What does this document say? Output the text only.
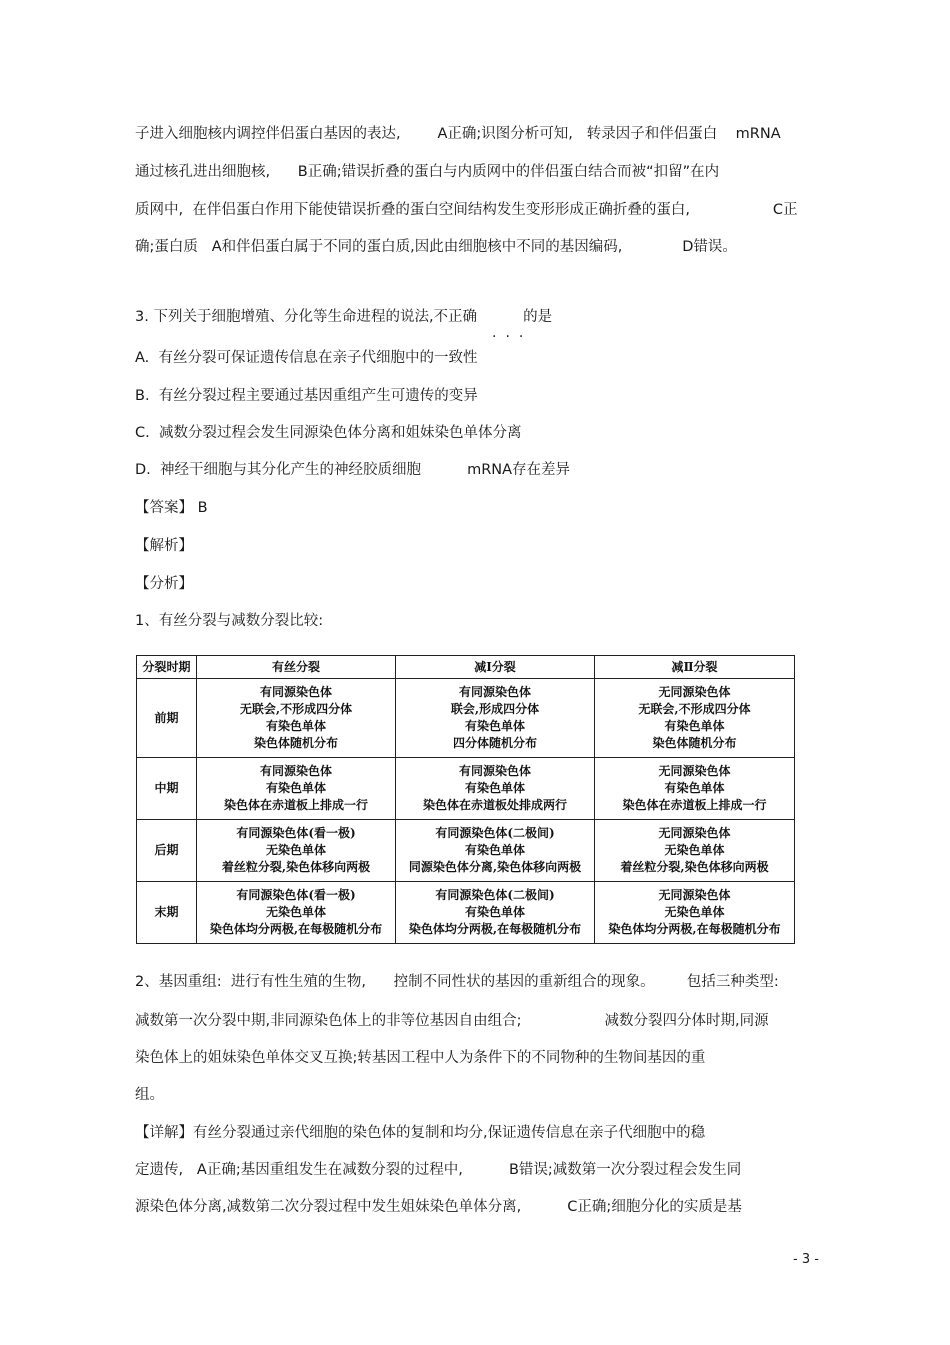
子进入细胞核内调控伴侣蛋白基因的表达,        A正确;识图分析可知,   转录因子和伴侣蛋白    mRNA
通过核孔进出细胞核,      B正确;错误折叠的蛋白与内质网中的伴侣蛋白结合而被“扣留”在内
质网中,  在伴侣蛋白作用下能使错误折叠的蛋白空间结构发生变形形成正确折叠的蛋白,                  C正
确;蛋白质   A和伴侣蛋白属于不同的蛋白质,因此由细胞核中不同的基因编码,             D错误。
3. 下列关于细胞增殖、分化等生命进程的说法,不正确          的是
...
A.  有丝分裂可保证遗传信息在亲子代细胞中的一致性
B.  有丝分裂过程主要通过基因重组产生可遗传的变异
C.  减数分裂过程会发生同源染色体分离和姐妹染色单体分离
D.  神经干细胞与其分化产生的神经胶质细胞          mRNA存在差异
【答案】 B
【解析】
【分析】
1、有丝分裂与减数分裂比较:
分裂时期	有丝分裂	减Ⅰ分裂	减Ⅱ分裂
前期	有同源染色体
无联会,不形成四分体
有染色单体
染色体随机分布	有同源染色体
联会,形成四分体
有染色单体
四分体随机分布	无同源染色体
无联会,不形成四分体
有染色单体
染色体随机分布

中期	有同源染色体
有染色单体
染色体在赤道板上排成一行	有同源染色体
有染色单体
染色体在赤道板处排成两行	无同源染色体
有染色单体
染色体在赤道板上排成一行

后期	有同源染色体(看一极)
无染色单体
着丝粒分裂,染色体移向两极	有同源染色体(二极间)
有染色单体
同源染色体分离,染色体移向两极	无同源染色体
无染色单体
着丝粒分裂,染色体移向两极

末期	有同源染色体(看一极)
无染色单体
染色体均分两极,在每极随机分布	有同源染色体(二极间)
有染色单体
染色体均分两极,在每极随机分布	无同源染色体
无染色单体
染色体均分两极,在每极随机分布
2、基因重组:  进行有性生殖的生物,      控制不同性状的基因的重新组合的现象。       包括三种类型:
减数第一次分裂中期,非同源染色体上的非等位基因自由组合;                  减数分裂四分体时期,同源
染色体上的姐妹染色单体交叉互换;转基因工程中人为条件下的不同物种的生物间基因的重
组。
【详解】有丝分裂通过亲代细胞的染色体的复制和均分,保证遗传信息在亲子代细胞中的稳
定遗传,   A正确;基因重组发生在减数分裂的过程中,          B错误;减数第一次分裂过程会发生同
源染色体分离,减数第二次分裂过程中发生姐妹染色单体分离,          C正确;细胞分化的实质是基
- 3 -
